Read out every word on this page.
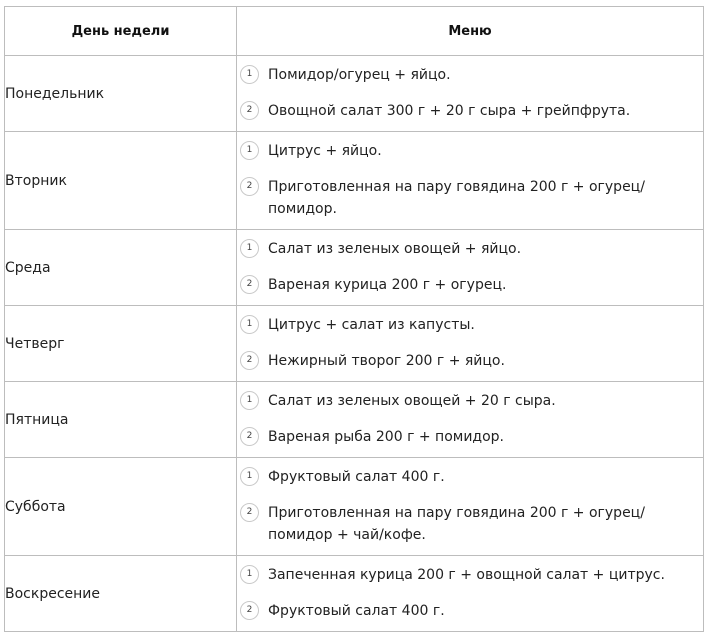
День недели	Меню
Понедельник	1 Помидор/огурец + яйцо.
2 Овощной салат 300 г + 20 г сыра + грейпфрута.

Вторник	1 Цитрус + яйцо.
2 Приготовленная на пару говядина 200 г + огурец/помидор.

Среда	1 Салат из зеленых овощей + яйцо.
2 Вареная курица 200 г + огурец.

Четверг	1 Цитрус + салат из капусты.
2 Нежирный творог 200 г + яйцо.

Пятница	1 Салат из зеленых овощей + 20 г сыра.
2 Вареная рыба 200 г + помидор.

Суббота	1 Фруктовый салат 400 г.
2 Приготовленная на пару говядина 200 г + огурец/помидор + чай/кофе.

Воскресение	1 Запеченная курица 200 г + овощной салат + цитрус.
2 Фруктовый салат 400 г.
